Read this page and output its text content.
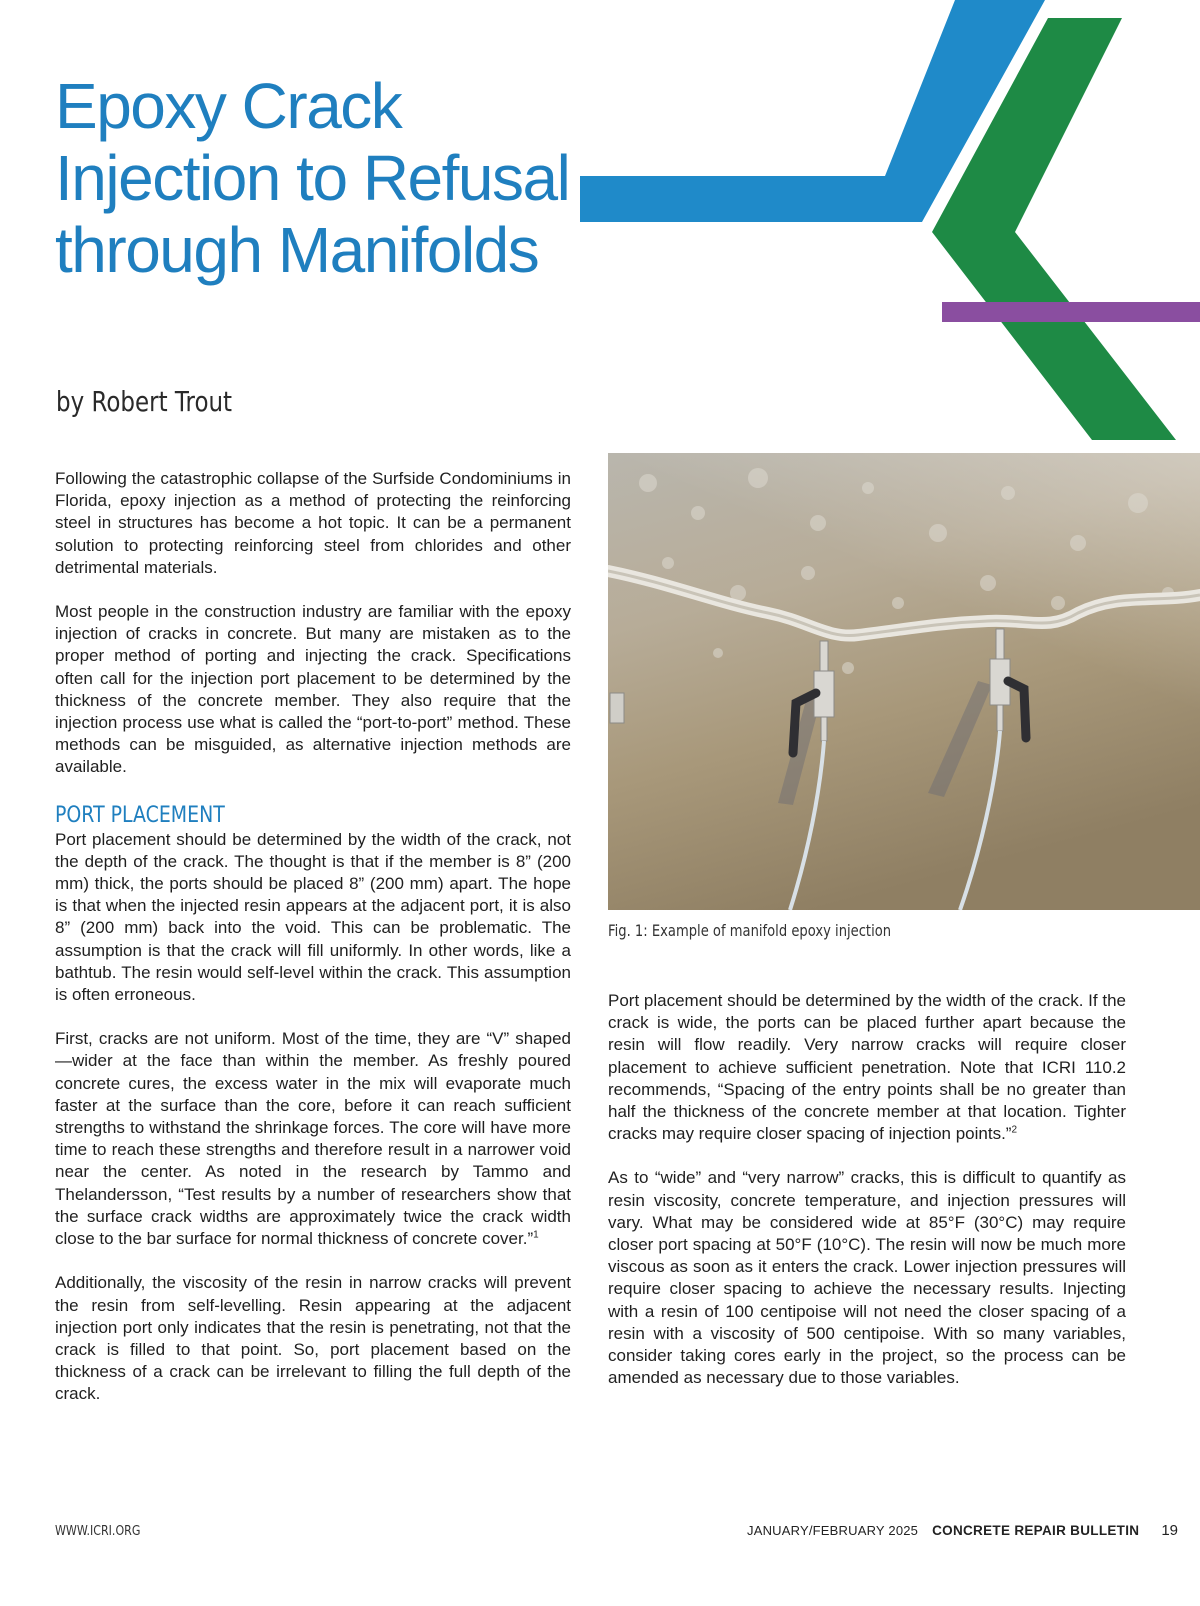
Epoxy Crack Injection to Refusal through Manifolds

by Robert Trout

Following the catastrophic collapse of the Surfside Condominiums in Florida, epoxy injection as a method of protecting the reinforcing steel in structures has become a hot topic. It can be a permanent solution to protecting reinforcing steel from chlorides and other detrimental materials.

Most people in the construction industry are familiar with the epoxy injection of cracks in concrete. But many are mistaken as to the proper method of porting and injecting the crack. Specifications often call for the injection port placement to be determined by the thickness of the concrete member. They also require that the injection process use what is called the “port-to-port” method. These methods can be misguided, as alternative injection methods are available.

PORT PLACEMENT

Port placement should be determined by the width of the crack, not the depth of the crack. The thought is that if the member is 8” (200 mm) thick, the ports should be placed 8” (200 mm) apart. The hope is that when the injected resin appears at the adjacent port, it is also 8” (200 mm) back into the void. This can be problematic. The assumption is that the crack will fill uniformly. In other words, like a bathtub. The resin would self-level within the crack. This assumption is often erroneous.

First, cracks are not uniform. Most of the time, they are “V” shaped—wider at the face than within the member. As freshly poured concrete cures, the excess water in the mix will evaporate much faster at the surface than the core, before it can reach sufficient strengths to withstand the shrinkage forces. The core will have more time to reach these strengths and therefore result in a narrower void near the center. As noted in the research by Tammo and Thelandersson, “Test results by a number of researchers show that the surface crack widths are approximately twice the crack width close to the bar surface for normal thickness of concrete cover.”$^1$

Additionally, the viscosity of the resin in narrow cracks will prevent the resin from self-levelling. Resin appearing at the adjacent injection port only indicates that the resin is penetrating, not that the crack is filled to that point. So, port placement based on the thickness of a crack can be irrelevant to filling the full depth of the crack.

Fig. 1: Example of manifold epoxy injection

Port placement should be determined by the width of the crack. If the crack is wide, the ports can be placed further apart because the resin will flow readily. Very narrow cracks will require closer placement to achieve sufficient penetration. Note that ICRI 110.2 recommends, “Spacing of the entry points shall be no greater than half the thickness of the concrete member at that location. Tighter cracks may require closer spacing of injection points.”$^2$

As to “wide” and “very narrow” cracks, this is difficult to quantify as resin viscosity, concrete temperature, and injection pressures will vary. What may be considered wide at 85°F (30°C) may require closer port spacing at 50°F (10°C). The resin will now be much more viscous as soon as it enters the crack. Lower injection pressures will require closer spacing to achieve the necessary results. Injecting with a resin of 100 centipoise will not need the closer spacing of a resin with a viscosity of 500 centipoise. With so many variables, consider taking cores early in the project, so the process can be amended as necessary due to those variables.

WWW.ICRI.ORG	JANUARY/FEBRUARY 2025 CONCRETE REPAIR BULLETIN 19
